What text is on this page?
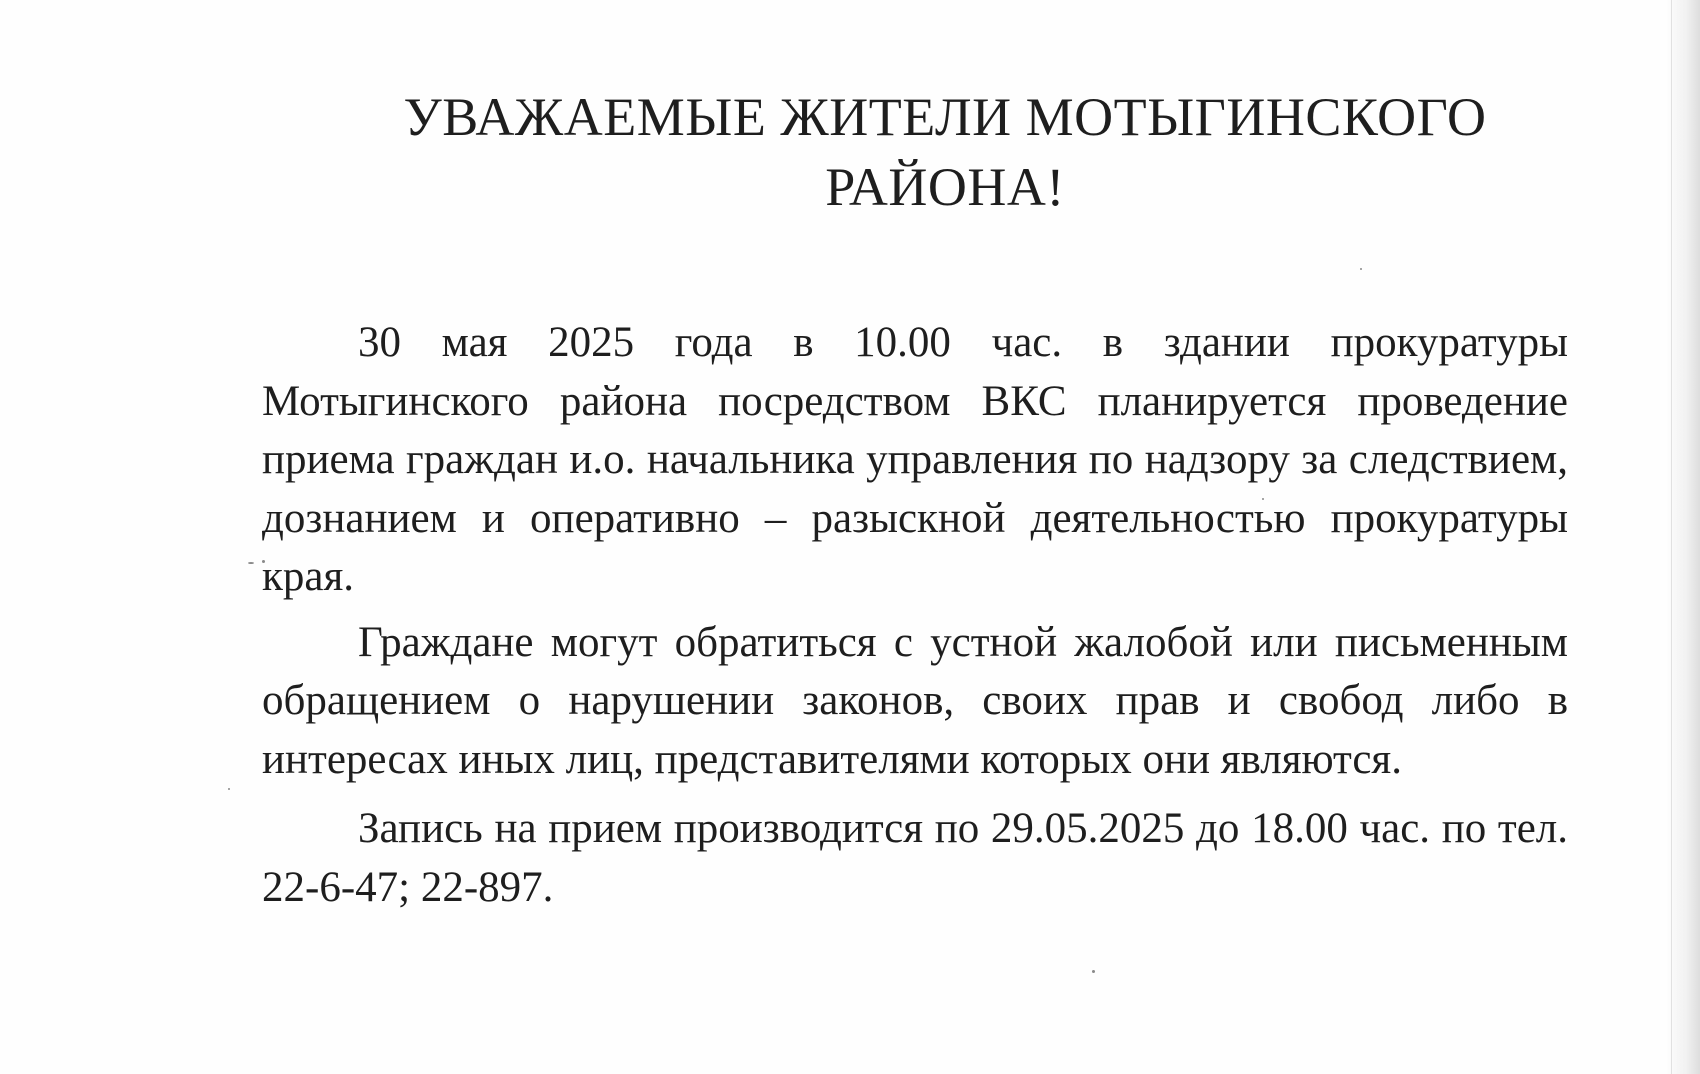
УВАЖАЕМЫЕ ЖИТЕЛИ МОТЫГИНСКОГО
РАЙОНА!

30 мая 2025 года в 10.00 час. в здании прокуратуры Мотыгинского района посредством ВКС планируется проведение приема граждан и.о. начальника управления по надзору за следствием, дознанием и оперативно – разыскной деятельностью прокуратуры края.

Граждане могут обратиться с устной жалобой или письменным обращением о нарушении законов, своих прав и свобод либо в интересах иных лиц, представителями которых они являются.

Запись на прием производится по 29.05.2025 до 18.00 час. по тел. 22-6-47; 22-897.
